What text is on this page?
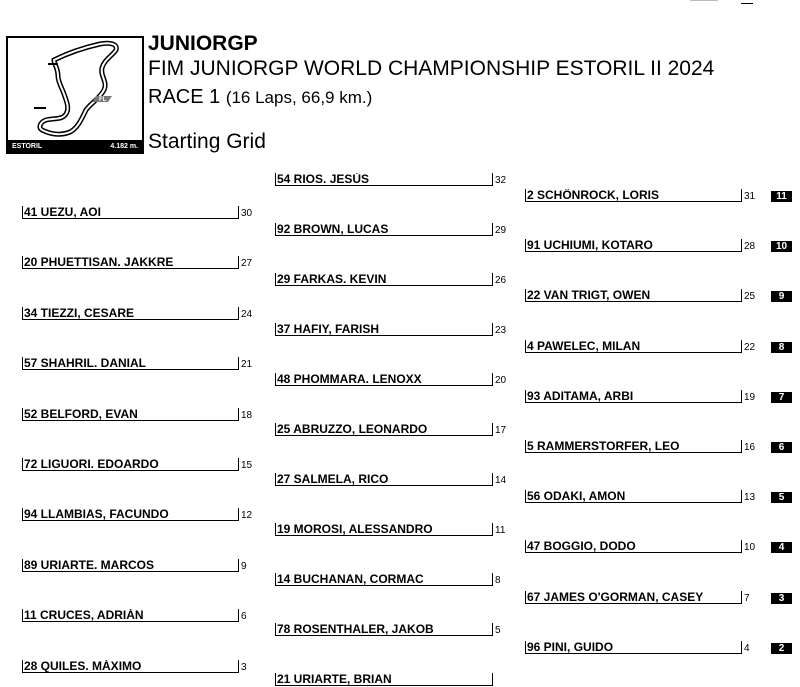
FL
ESTORIL	4.182 m.
JUNIORGP
FIM JUNIORGP WORLD CHAMPIONSHIP ESTORIL II 2024
RACE 1 (16 Laps, 66,9 km.)
Starting Grid
41 UEZU, AOI	30
20 PHUETTISAN. JAKKRE	27
34 TIEZZI, CESARE	24
57 SHAHRIL. DANIAL	21
52 BELFORD, EVAN	18
72 LIGUORI. EDOARDO	15
94 LLAMBIAS, FACUNDO	12
89 URIARTE. MARCOS	9
11 CRUCES, ADRIÁN	6
28 QUILES. MÁXIMO	3
54 RIOS. JESÚS	32
92 BROWN, LUCAS	29
29 FARKAS. KEVIN	26
37 HAFIY, FARISH	23
48 PHOMMARA. LENOXX	20
25 ABRUZZO, LEONARDO	17
27 SALMELA, RICO	14
19 MOROSI, ALESSANDRO	11
14 BUCHANAN, CORMAC	8
78 ROSENTHALER, JAKOB	5
21 URIARTE, BRIAN
2 SCHÖNROCK, LORIS	31	11
91 UCHIUMI, KOTARO	28	10
22 VAN TRIGT, OWEN	25	9
4 PAWELEC, MILAN	22	8
93 ADITAMA, ARBI	19	7
5 RAMMERSTORFER, LEO	16	6
56 ODAKI, AMON	13	5
47 BOGGIO, DODO	10	4
67 JAMES O'GORMAN, CASEY	7	3
96 PINI, GUIDO	4	2
